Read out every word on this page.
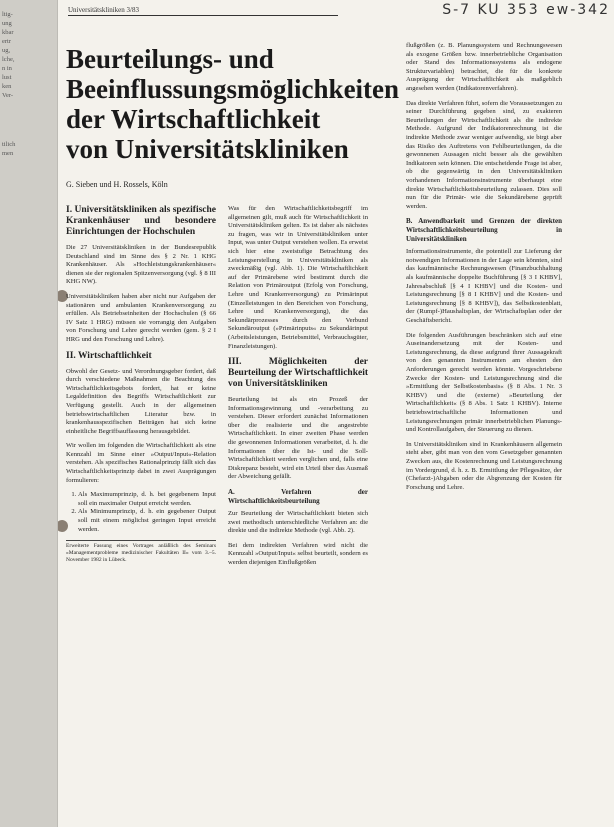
ltig-
ung
kbar
ertr
ug,
lche,
n in
lust
ken
Ver-
tilich
men
Universitätskliniken 3/83	S-7 KU 353 ew-342
Beurteilungs- und Beeinflussungsmöglichkeiten der Wirtschaftlichkeit von Universitätskliniken
G. Sieben und H. Rossels, Köln
I. Universitätskliniken als spezifische Krankenhäuser und besondere Einrichtungen der Hochschulen

Die 27 Universitätskliniken in der Bundesrepublik Deutschland sind im Sinne des § 2 Nr. 1 KHG Krankenhäuser. Als »Hochleistungskrankenhäuser« dienen sie der regionalen Spitzenversorgung (vgl. § 8 III KHG NW).

Universitätskliniken haben aber nicht nur Aufgaben der stationären und ambulanten Krankenversorgung zu erfüllen. Als Betriebseinheiten der Hochschulen (§ 66 IV Satz 1 HRG) müssen sie vorrangig den Aufgaben von Forschung und Lehre gerecht werden (gem. § 2 I HRG und den Forschung und Lehre).

II. Wirtschaftlichkeit

Obwohl der Gesetz- und Verordnungsgeber fordert, daß durch verschiedene Maßnahmen die Beachtung des Wirtschaftlichkeitsgebots fordert, hat er keine Legaldefinition des Begriffs Wirtschaftlichkeit zur Verfügung gestellt. Auch in der allgemeinen betriebswirtschaftlichen Literatur bzw. in krankenhausspezifischen Beiträgen hat sich keine einheitliche Begriffsauffassung herausgebildet.

Wir wollen im folgenden die Wirtschaftlichkeit als eine Kennzahl im Sinne einer »Output/Input«-Relation verstehen. Als spezifisches Rationalprinzip fällt sich das Wirtschaftlichkeitsprinzip dabei in zwei Ausprägungen formulieren:

1. Als Maximumprinzip, d. h. bei gegebenem Input soll ein maximaler Output erreicht werden.
2. Als Minimumprinzip, d. h. ein gegebener Output soll mit einem möglichst geringen Input erreicht werden.
Erweiterte Fassung eines Vortrages anläßlich des Seminars »Managementprobleme medizinischer Fakultäten II« vom 3.–5. November 1982 in Lübeck.

Was für den Wirtschaftlichkeitsbegriff im allgemeinen gilt, muß auch für Wirtschaftlichkeit in Universitätskliniken gelten. Es ist daher als nächstes zu fragen, was wir in Universitätskliniken unter Input, was unter Output verstehen wollen. Es erweist sich hier eine zweistufige Betrachtung des Leistungserstellung in Universitätskliniken als zweckmäßig (vgl. Abb. 1). Die Wirtschaftlichkeit auf der Primärebene wird bestimmt durch die Relation von Primäroutput (Erfolg von Forschung, Lehre und Krankenversorgung) zu Primärinput (Einzelleistungen in den Bereichen von Forschung, Lehre und Krankenversorgung), die das Sekundärprozesses durch den Verbund Sekundäroutput (»Primärinputs« zu Sekundärinput (Arbeitsleistungen, Betriebsmittel, Verbrauchsgüter, Finanzleistungen).

III. Möglichkeiten der Beurteilung der Wirtschaftlichkeit von Universitätskliniken

Beurteilung ist als ein Prozeß der Informationsgewinnung und -verarbeitung zu verstehen. Dieser erfordert zunächst Informationen über die realisierte und die angestrebte Wirtschaftlichkeit. In einer zweiten Phase werden die gewonnenen Informationen verarbeitet, d. h. die Informationen über die Ist- und die Soll-Wirtschaftlichkeit werden verglichen und, falls eine Diskrepanz besteht, wird ein Urteil über das Ausmaß der Abweichung gefällt.

A. Verfahren der Wirtschaftlichkeitsbeurteilung

Zur Beurteilung der Wirtschaftlichkeit bieten sich zwei methodisch unterschiedliche Verfahren an: die direkte und die indirekte Methode (vgl. Abb. 2).

Bei dem indirekten Verfahren wird nicht die Kennzahl »Output/Input« selbst beurteilt, sondern es werden diejenigen Einflußgrößen

flußgrößen (z. B. Planungssystem und Rechnungswesen als exogene Größen bzw. innerbetriebliche Organisation oder Stand des Informationssystems als endogene Strukturvariablen) betrachtet, die für die konkrete Ausprägung der Wirtschaftlichkeit als maßgeblich angesehen werden (Indikatorenverfahren).

Das direkte Verfahren führt, sofern die Voraussetzungen zu seiner Durchführung gegeben sind, zu exakteren Beurteilungen der Wirtschaftlichkeit als die indirekte Methode. Aufgrund der Indikatorenrechnung ist die indirekte Methode zwar weniger aufwendig, sie birgt aber das Risiko des Auftretens von Fehlbeurteilungen, da die gewonnenen Aussagen nicht besser als die gewählten Indikatoren sein können. Die entscheidende Frage ist aber, ob die gegenwärtig in den Universitätskliniken vorhandenen Informationsinstrumente überhaupt eine direkte Wirtschaftlichkeitsbeurteilung zulassen. Dies soll nun für die Primär- wie die Sekundärebene geprüft werden.

B. Anwendbarkeit und Grenzen der direkten Wirtschaftlichkeitsbeurteilung in Universitätskliniken

Informationsinstrumente, die potentiell zur Lieferung der notwendigen Informationen in der Lage sein könnten, sind das kaufmännische Rechnungswesen (Finanzbuchhaltung als kaufmännische doppelte Buchführung [§ 3 I KHBV], Jahresabschluß [§ 4 I KHBV] und die Kosten- und Leistungsrechnung [§ 8 I KHBV] und die Kosten- und Leistungsrechnung [§ 8 KHBV]), das Selbstkostenblatt, der (Rumpf-)Haushaltsplan, der Wirtschaftsplan oder der Geschäftsbericht.

Die folgenden Ausführungen beschränken sich auf eine Auseinandersetzung mit der Kosten- und Leistungsrechnung, da diese aufgrund ihrer Aussagekraft von den genannten Instrumenten am ehesten den Anforderungen gerecht werden könnte. Vorgeschriebene Zwecke der Kosten- und Leistungsrechnung sind die »Ermittlung der Selbstkostenbasis« (§ 8 Abs. 1 Nr. 3 KHBV) und die (externe) »Beurteilung der Wirtschaftlichkeit« (§ 8 Abs. 1 Satz 1 KHBV). Interne betriebswirtschaftliche Informationen und Leistungsrechnungen primär innerbetrieblichen Planungs- und Kontrollaufgaben, der Steuerung zu dienen.

In Universitätskliniken sind in Krankenhäusern allgemein steht aber, gibt man von den vom Gesetzgeber genannten Zwecken aus, die Kostenrechnung und Leistungsrechnung im Vordergrund, d. h. z. B. Ermittlung der Pflegesätze, der (Chefarzt-)Abgaben oder die Abgrenzung der Kosten für Forschung und Lehre.
